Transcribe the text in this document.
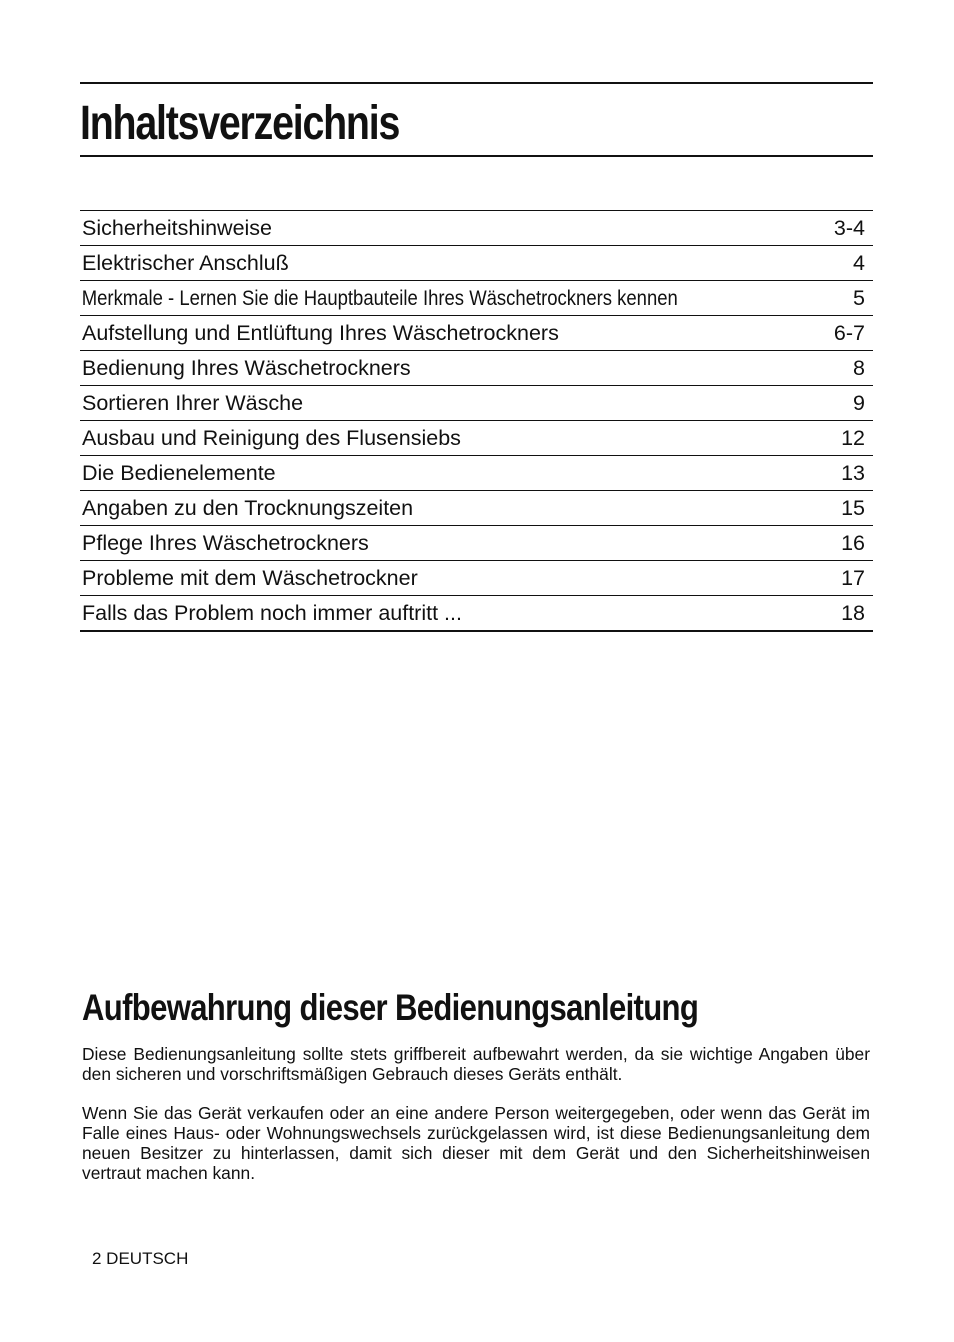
Inhaltsverzeichnis
Sicherheitshinweise	3-4
Elektrischer Anschluß	4
Merkmale - Lernen Sie die Hauptbauteile Ihres Wäschetrockners kennen	5
Aufstellung und Entlüftung Ihres Wäschetrockners	6-7
Bedienung Ihres Wäschetrockners	8
Sortieren Ihrer Wäsche	9
Ausbau und Reinigung des Flusensiebs	12
Die Bedienelemente	13
Angaben zu den Trocknungszeiten	15
Pflege Ihres Wäschetrockners	16
Probleme mit dem Wäschetrockner	17
Falls das Problem noch immer auftritt ...	18
Aufbewahrung dieser Bedienungsanleitung

Diese Bedienungsanleitung sollte stets griffbereit aufbewahrt werden, da sie wichtige Angaben über den sicheren und vorschriftsmäßigen Gebrauch dieses Geräts enthält.

Wenn Sie das Gerät verkaufen oder an eine andere Person weitergegeben, oder wenn das Gerät im Falle eines Haus- oder Wohnungswechsels zurückgelassen wird, ist diese Bedienungsanleitung dem neuen Besitzer zu hinterlassen, damit sich dieser mit dem Gerät und den Sicherheitshinweisen vertraut machen kann.

2 DEUTSCH
